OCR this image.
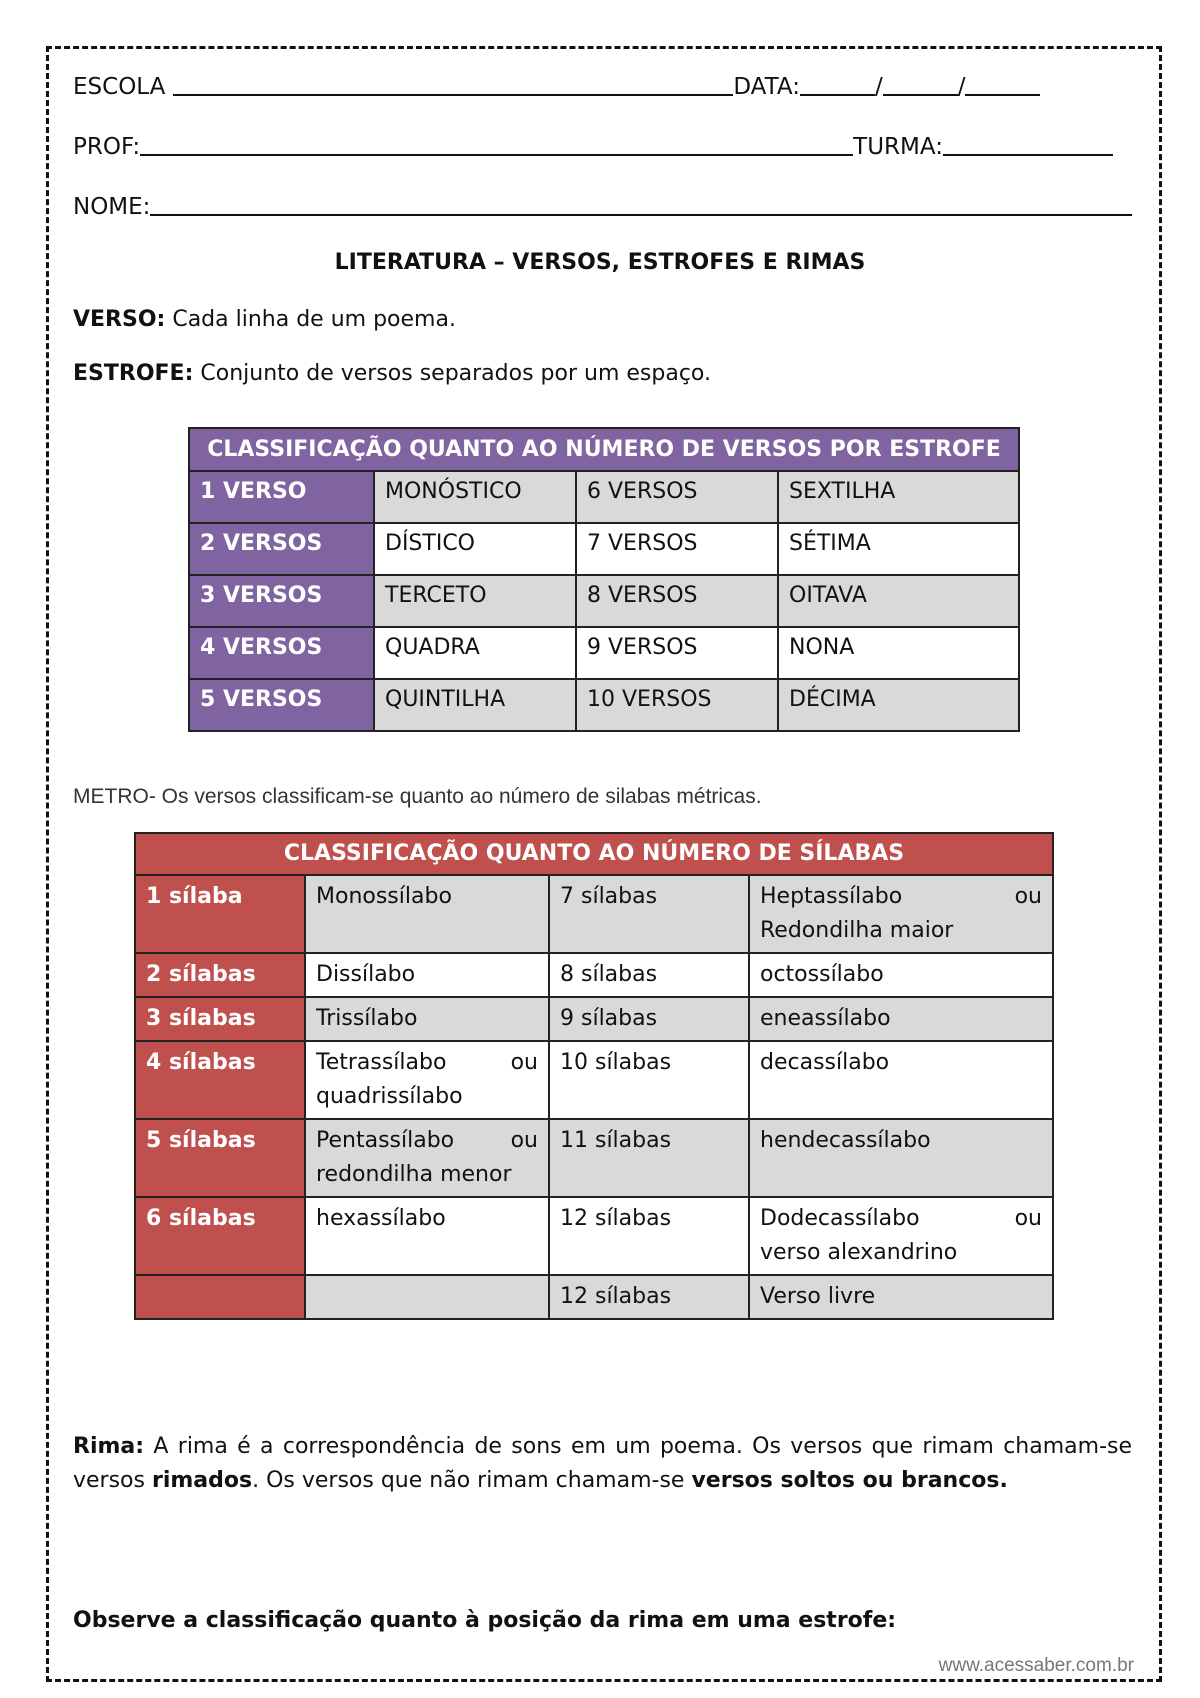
ESCOLA	DATA:	/	/
PROF:	TURMA:
NOME:
LITERATURA – VERSOS, ESTROFES E RIMAS
VERSO: Cada linha de um poema.
ESTROFE: Conjunto de versos separados por um espaço.
CLASSIFICAÇÃO QUANTO AO NÚMERO DE VERSOS POR ESTROFE			
1 VERSO	MONÓSTICO	6 VERSOS	SEXTILHA
2 VERSOS	DÍSTICO	7 VERSOS	SÉTIMA
3 VERSOS	TERCETO	8 VERSOS	OITAVA
4 VERSOS	QUADRA	9 VERSOS	NONA
5 VERSOS	QUINTILHA	10 VERSOS	DÉCIMA
METRO- Os versos classificam-se quanto ao número de silabas métricas.
CLASSIFICAÇÃO QUANTO AO NÚMERO DE SÍLABAS			
1 sílaba	Monossílabo	7 sílabas	Heptassílabo ou
Redondilha maior

2 sílabas	Dissílabo	8 sílabas	octossílabo
3 sílabas	Trissílabo	9 sílabas	eneassílabo
4 sílabas	Tetrassílabo ou
quadrissílabo	10 sílabas	decassílabo
5 sílabas	Pentassílabo ou
redondilha menor	11 sílabas	hendecassílabo
6 sílabas	hexassílabo	12 sílabas	Dodecassílabo ou
verso alexandrino

		12 sílabas	Verso livre
Rima: A rima é a correspondência de sons em um poema. Os versos que rimam chamam-se versos rimados. Os versos que não rimam chamam-se versos soltos ou brancos.
Observe a classificação quanto à posição da rima em uma estrofe:
www.acessaber.com.br
